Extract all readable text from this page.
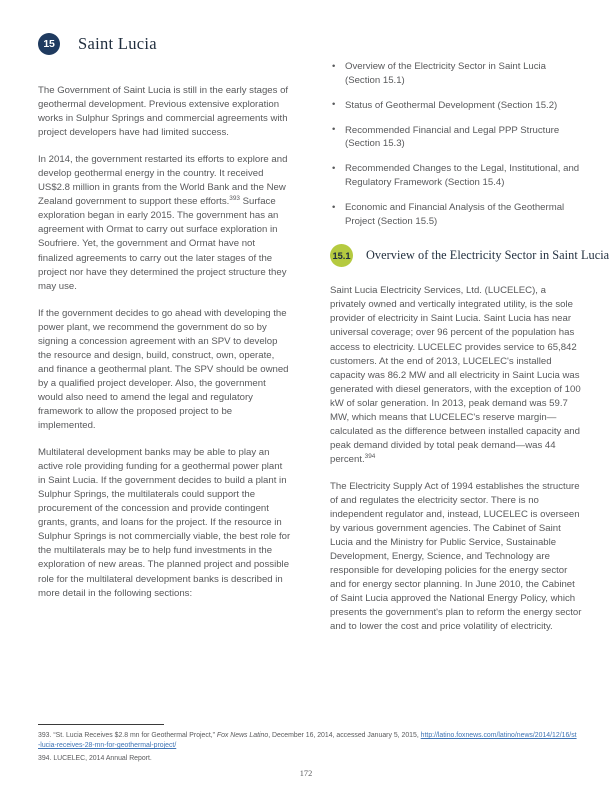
15	Saint Lucia

The Government of Saint Lucia is still in the early stages of geothermal development. Previous extensive exploration works in Sulphur Springs and commercial agreements with project developers have had limited success.

In 2014, the government restarted its efforts to explore and develop geothermal energy in the country. It received US$2.8 million in grants from the World Bank and the New Zealand government to support these efforts.$^{393}$ Surface exploration began in early 2015. The government has an agreement with Ormat to carry out surface exploration in Soufriere. Yet, the government and Ormat have not finalized agreements to carry out the later stages of the project nor have they determined the project structure they may use.

If the government decides to go ahead with developing the power plant, we recommend the government do so by signing a concession agreement with an SPV to develop the resource and design, build, construct, own, operate, and finance a geothermal plant. The SPV should be owned by a qualified project developer. Also, the government would also need to amend the legal and regulatory framework to allow the proposed project to be implemented.

Multilateral development banks may be able to play an active role providing funding for a geothermal power plant in Saint Lucia. If the government decides to build a plant in Sulphur Springs, the multilaterals could support the procurement of the concession and provide contingent grants, grants, and loans for the project. If the resource in Sulphur Springs is not commercially viable, the best role for the multilaterals may be to help fund investments in the exploration of new areas. The planned project and possible role for the multilateral development banks is described in more detail in the following sections:

• Overview of the Electricity Sector in Saint Lucia (Section 15.1)
• Status of Geothermal Development (Section 15.2)
• Recommended Financial and Legal PPP Structure (Section 15.3)
• Recommended Changes to the Legal, Institutional, and Regulatory Framework (Section 15.4)
• Economic and Financial Analysis of the Geothermal Project (Section 15.5)
15.1 Overview of the Electricity Sector in Saint Lucia

Saint Lucia Electricity Services, Ltd. (LUCELEC), a privately owned and vertically integrated utility, is the sole provider of electricity in Saint Lucia. Saint Lucia has near universal coverage; over 96 percent of the population has access to electricity. LUCELEC provides service to 65,842 customers. At the end of 2013, LUCELEC's installed capacity was 86.2 MW and all electricity in Saint Lucia was generated with diesel generators, with the exception of 100 kW of solar generation. In 2013, peak demand was 59.7 MW, which means that LUCELEC's reserve margin—calculated as the difference between installed capacity and peak demand divided by total peak demand—was 44 percent.$^{394}$

The Electricity Supply Act of 1994 establishes the structure of and regulates the electricity sector. There is no independent regulator and, instead, LUCELEC is overseen by various government agencies. The Cabinet of Saint Lucia and the Ministry for Public Service, Sustainable Development, Energy, Science, and Technology are responsible for developing policies for the energy sector and for energy sector planning. In June 2010, the Cabinet of Saint Lucia approved the National Energy Policy, which presents the government's plan to reform the energy sector and to lower the cost and price volatility of electricity.

393. “St. Lucia Receives $2.8 mn for Geothermal Project,” Fox News Latino, December 16, 2014, accessed January 5, 2015, http://latino.foxnews.com/latino/news/2014/12/16/st-lucia-receives-28-mn-for-geothermal-project/
394. LUCELEC, 2014 Annual Report.
172
